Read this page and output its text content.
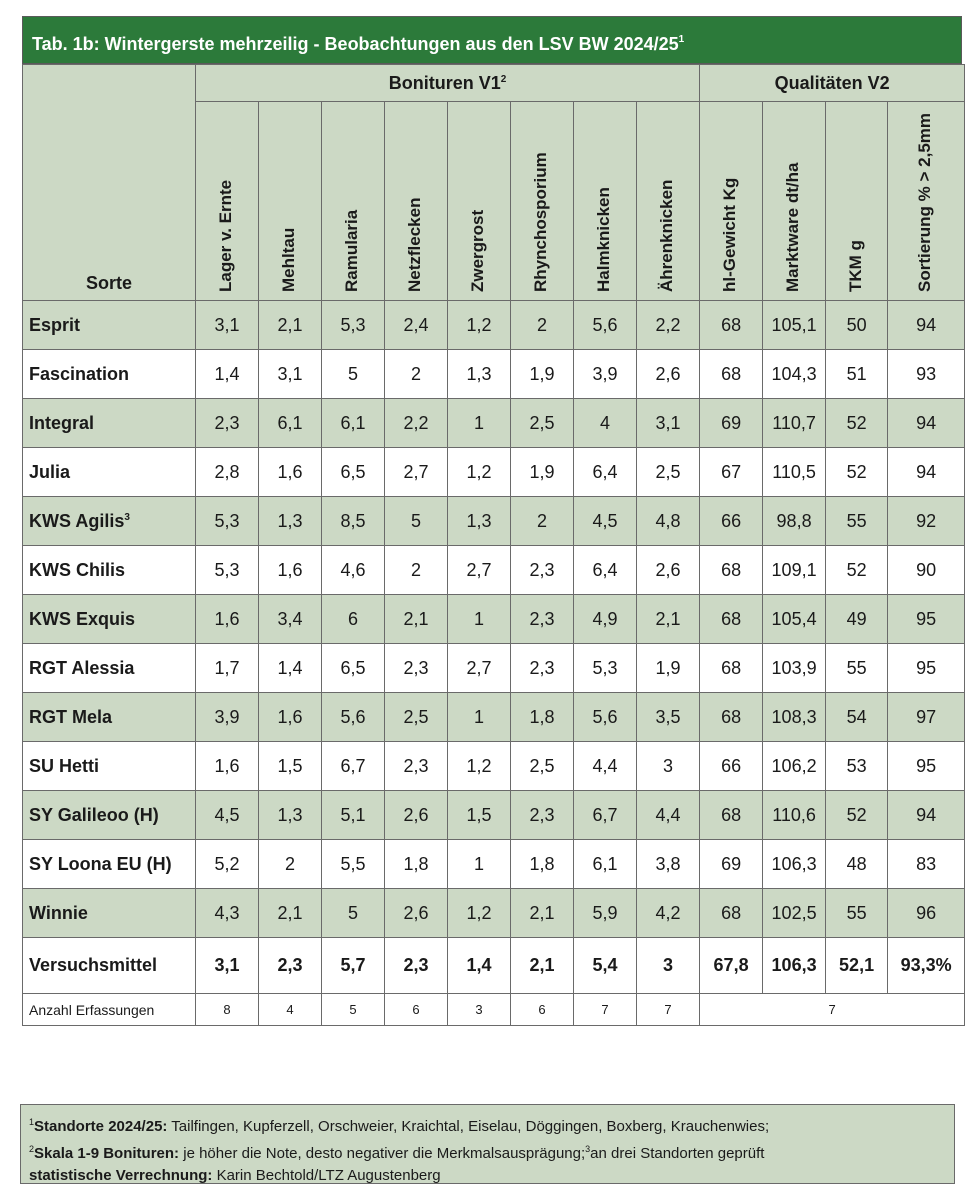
Tab. 1b: Wintergerste mehrzeilig - Beobachtungen aus den LSV BW $2024/25^1$
Sorte	Bonituren $V1^2$								Qualitäten V2			

	Lager v. Ernte	Mehltau	Ramularia	Netzflecken	Zwergrost	Rhynchosporium	Halmknicken	Ährenknicken	hl-Gewicht Kg	Marktware dt/ha	TKM g	Sortierung % > 2,5mm

Esprit	3,1	2,1	5,3	2,4	1,2	2	5,6	2,2	68	105,1	50	94
Fascination	1,4	3,1	5	2	1,3	1,9	3,9	2,6	68	104,3	51	93
Integral	2,3	6,1	6,1	2,2	1	2,5	4	3,1	69	110,7	52	94
Julia	2,8	1,6	6,5	2,7	1,2	1,9	6,4	2,5	67	110,5	52	94
KWS Agilis$^3$	5,3	1,3	8,5	5	1,3	2	4,5	4,8	66	98,8	55	92
KWS Chilis	5,3	1,6	4,6	2	2,7	2,3	6,4	2,6	68	109,1	52	90
KWS Exquis	1,6	3,4	6	2,1	1	2,3	4,9	2,1	68	105,4	49	95
RGT Alessia	1,7	1,4	6,5	2,3	2,7	2,3	5,3	1,9	68	103,9	55	95
RGT Mela	3,9	1,6	5,6	2,5	1	1,8	5,6	3,5	68	108,3	54	97
SU Hetti	1,6	1,5	6,7	2,3	1,2	2,5	4,4	3	66	106,2	53	95
SY Galileoo (H)	4,5	1,3	5,1	2,6	1,5	2,3	6,7	4,4	68	110,6	52	94
SY Loona EU (H)	5,2	2	5,5	1,8	1	1,8	6,1	3,8	69	106,3	48	83
Winnie	4,3	2,1	5	2,6	1,2	2,1	5,9	4,2	68	102,5	55	96
Versuchsmittel	3,1	2,3	5,7	2,3	1,4	2,1	5,4	3	67,8	106,3	52,1	93,3%
Anzahl Erfassungen	8	4	5	6	3	6	7	7	7			
$^1$Standorte 2024/25: Tailfingen, Kupferzell, Orschweier, Kraichtal, Eiselau, Döggingen, Boxberg, Krauchenwies;
$^2$Skala 1-9 Bonituren: je höher die Note, desto negativer die Merkmalsausprägung;$^3$an drei Standorten geprüft
statistische Verrechnung: Karin Bechtold/LTZ Augustenberg
